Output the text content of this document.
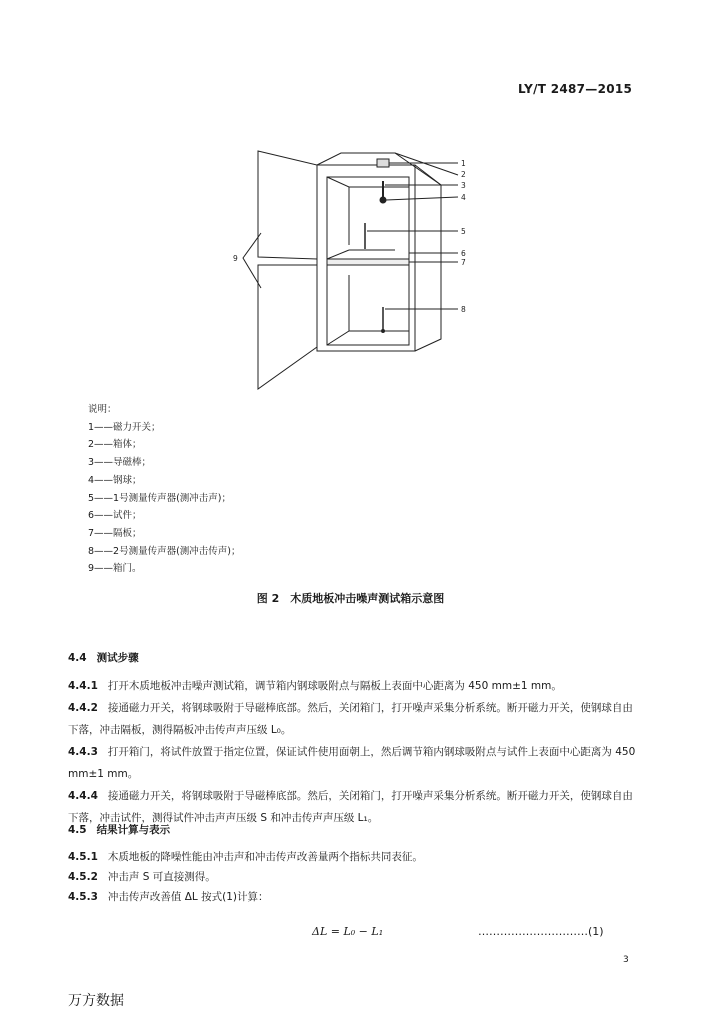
LY/T 2487—2015
1
2
3
4
5
6
7
8
9
说明：
1——磁力开关；
2——箱体；
3——导磁棒；
4——钢球；
5——1号测量传声器(测冲击声)；
6——试件；
7——隔板；
8——2号测量传声器(测冲击传声)；
9——箱门。
图 2　木质地板冲击噪声测试箱示意图
4.4 测试步骤
4.4.1 打开木质地板冲击噪声测试箱，调节箱内钢球吸附点与隔板上表面中心距离为 450 mm±1 mm。
4.4.2 接通磁力开关，将钢球吸附于导磁棒底部。然后，关闭箱门，打开噪声采集分析系统。断开磁力开关，使钢球自由下落，冲击隔板，测得隔板冲击传声声压级 L₀。
4.4.3 打开箱门，将试件放置于指定位置，保证试件使用面朝上，然后调节箱内钢球吸附点与试件上表面中心距离为 450 mm±1 mm。
4.4.4 接通磁力开关，将钢球吸附于导磁棒底部。然后，关闭箱门，打开噪声采集分析系统。断开磁力开关，使钢球自由下落，冲击试件，测得试件冲击声声压级 S 和冲击传声声压级 L₁。
4.5 结果计算与表示
4.5.1 木质地板的降噪性能由冲击声和冲击传声改善量两个指标共同表征。
4.5.2 冲击声 S 可直接测得。
4.5.3 冲击传声改善值 ΔL 按式(1)计算：
ΔL = L₀ − L₁	…………………………(1)
3
万方数据
